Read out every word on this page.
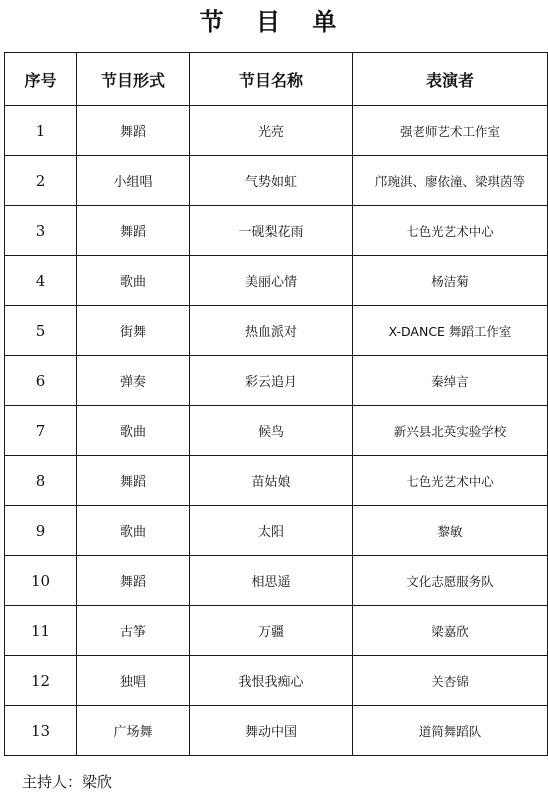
节 目 单
序号	节目形式	节目名称	表演者
1	舞蹈	光亮	强老师艺术工作室
2	小组唱	气势如虹	邝琬淇、廖依潼、梁琪茵等
3	舞蹈	一砚梨花雨	七色光艺术中心
4	歌曲	美丽心情	杨洁菊
5	街舞	热血派对	X-DANCE 舞蹈工作室
6	弹奏	彩云追月	秦绰言
7	歌曲	候鸟	新兴县北英实验学校
8	舞蹈	苗姑娘	七色光艺术中心
9	歌曲	太阳	黎敏
10	舞蹈	相思遥	文化志愿服务队
11	古筝	万疆	梁嘉欣
12	独唱	我恨我痴心	关杏锦
13	广场舞	舞动中国	道简舞蹈队
主持人：梁欣
